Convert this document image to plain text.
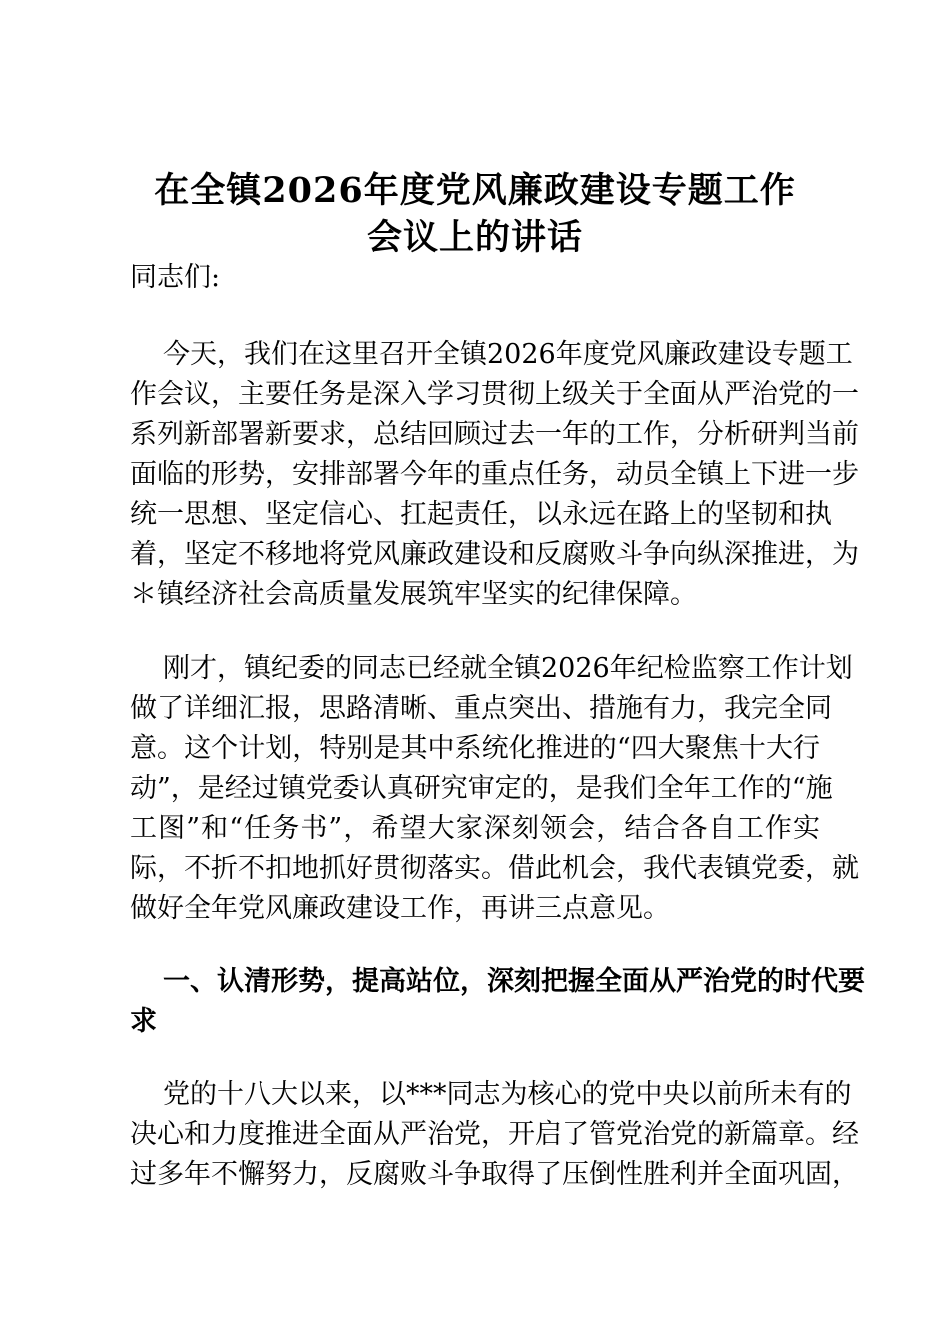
在全镇2026年度党风廉政建设专题工作
会议上的讲话
同志们:
今天，我们在这里召开全镇2026年度党风廉政建设专题工
作会议，主要任务是深入学习贯彻上级关于全面从严治党的一
系列新部署新要求，总结回顾过去一年的工作，分析研判当前
面临的形势，安排部署今年的重点任务，动员全镇上下进一步
统一思想、坚定信心、扛起责任，以永远在路上的坚韧和执
着，坚定不移地将党风廉政建设和反腐败斗争向纵深推进，为
＊镇经济社会高质量发展筑牢坚实的纪律保障。
刚才，镇纪委的同志已经就全镇2026年纪检监察工作计划
做了详细汇报，思路清晰、重点突出、措施有力，我完全同
意。这个计划，特别是其中系统化推进的“四大聚焦十大行
动”，是经过镇党委认真研究审定的，是我们全年工作的“施
工图”和“任务书”，希望大家深刻领会，结合各自工作实
际，不折不扣地抓好贯彻落实。借此机会，我代表镇党委，就
做好全年党风廉政建设工作，再讲三点意见。
一、认清形势，提高站位，深刻把握全面从严治党的时代要
求
党的十八大以来，以***同志为核心的党中央以前所未有的
决心和力度推进全面从严治党，开启了管党治党的新篇章。经
过多年不懈努力，反腐败斗争取得了压倒性胜利并全面巩固，
